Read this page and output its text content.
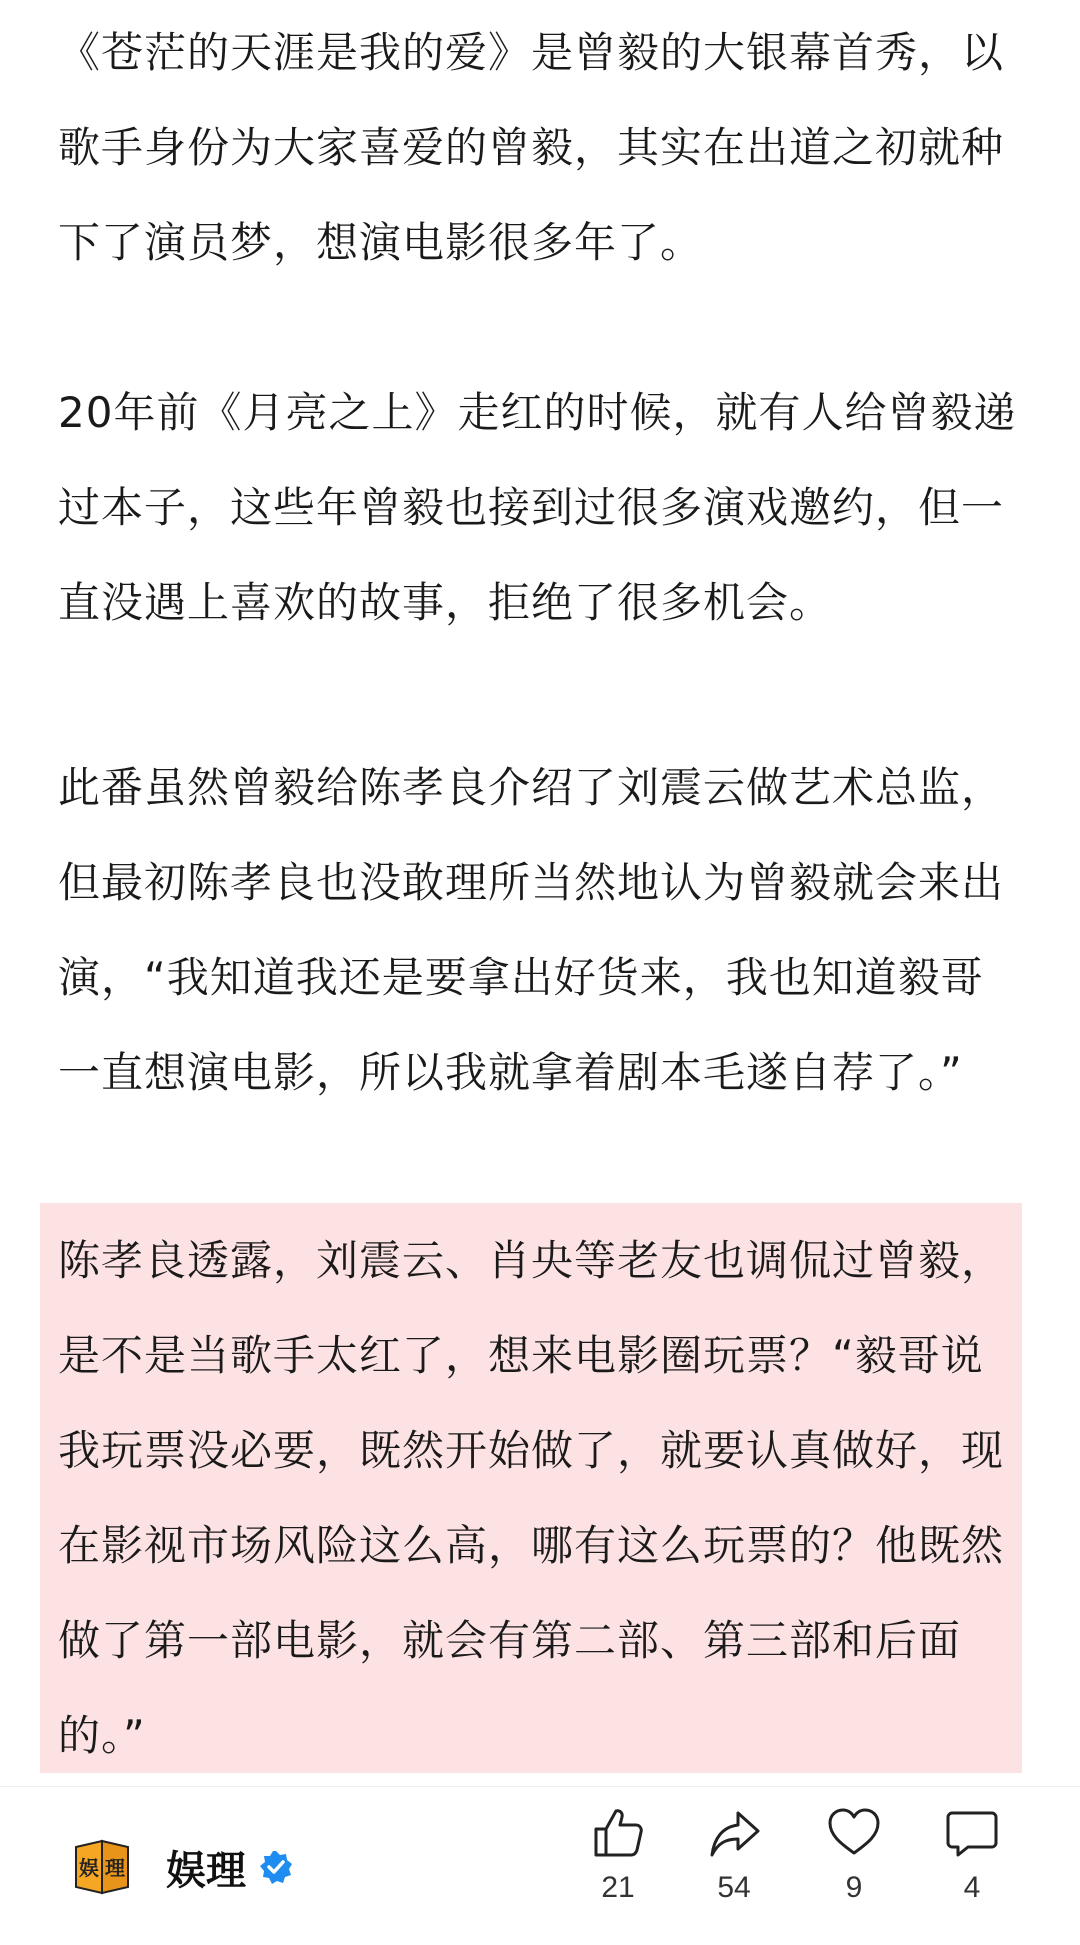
《苍茫的天涯是我的爱》是曾毅的大银幕首秀，以歌手身份为大家喜爱的曾毅，其实在出道之初就种下了演员梦，想演电影很多年了。

20年前《月亮之上》走红的时候，就有人给曾毅递过本子，这些年曾毅也接到过很多演戏邀约，但一直没遇上喜欢的故事，拒绝了很多机会。

此番虽然曾毅给陈孝良介绍了刘震云做艺术总监，但最初陈孝良也没敢理所当然地认为曾毅就会来出演，“我知道我还是要拿出好货来，我也知道毅哥一直想演电影，所以我就拿着剧本毛遂自荐了。”

陈孝良透露，刘震云、肖央等老友也调侃过曾毅，是不是当歌手太红了，想来电影圈玩票？“毅哥说我玩票没必要，既然开始做了，就要认真做好，现在影视市场风险这么高，哪有这么玩票的？他既然做了第一部电影，就会有第二部、第三部和后面的。”

娱 理 娱理	21	54	9	4
